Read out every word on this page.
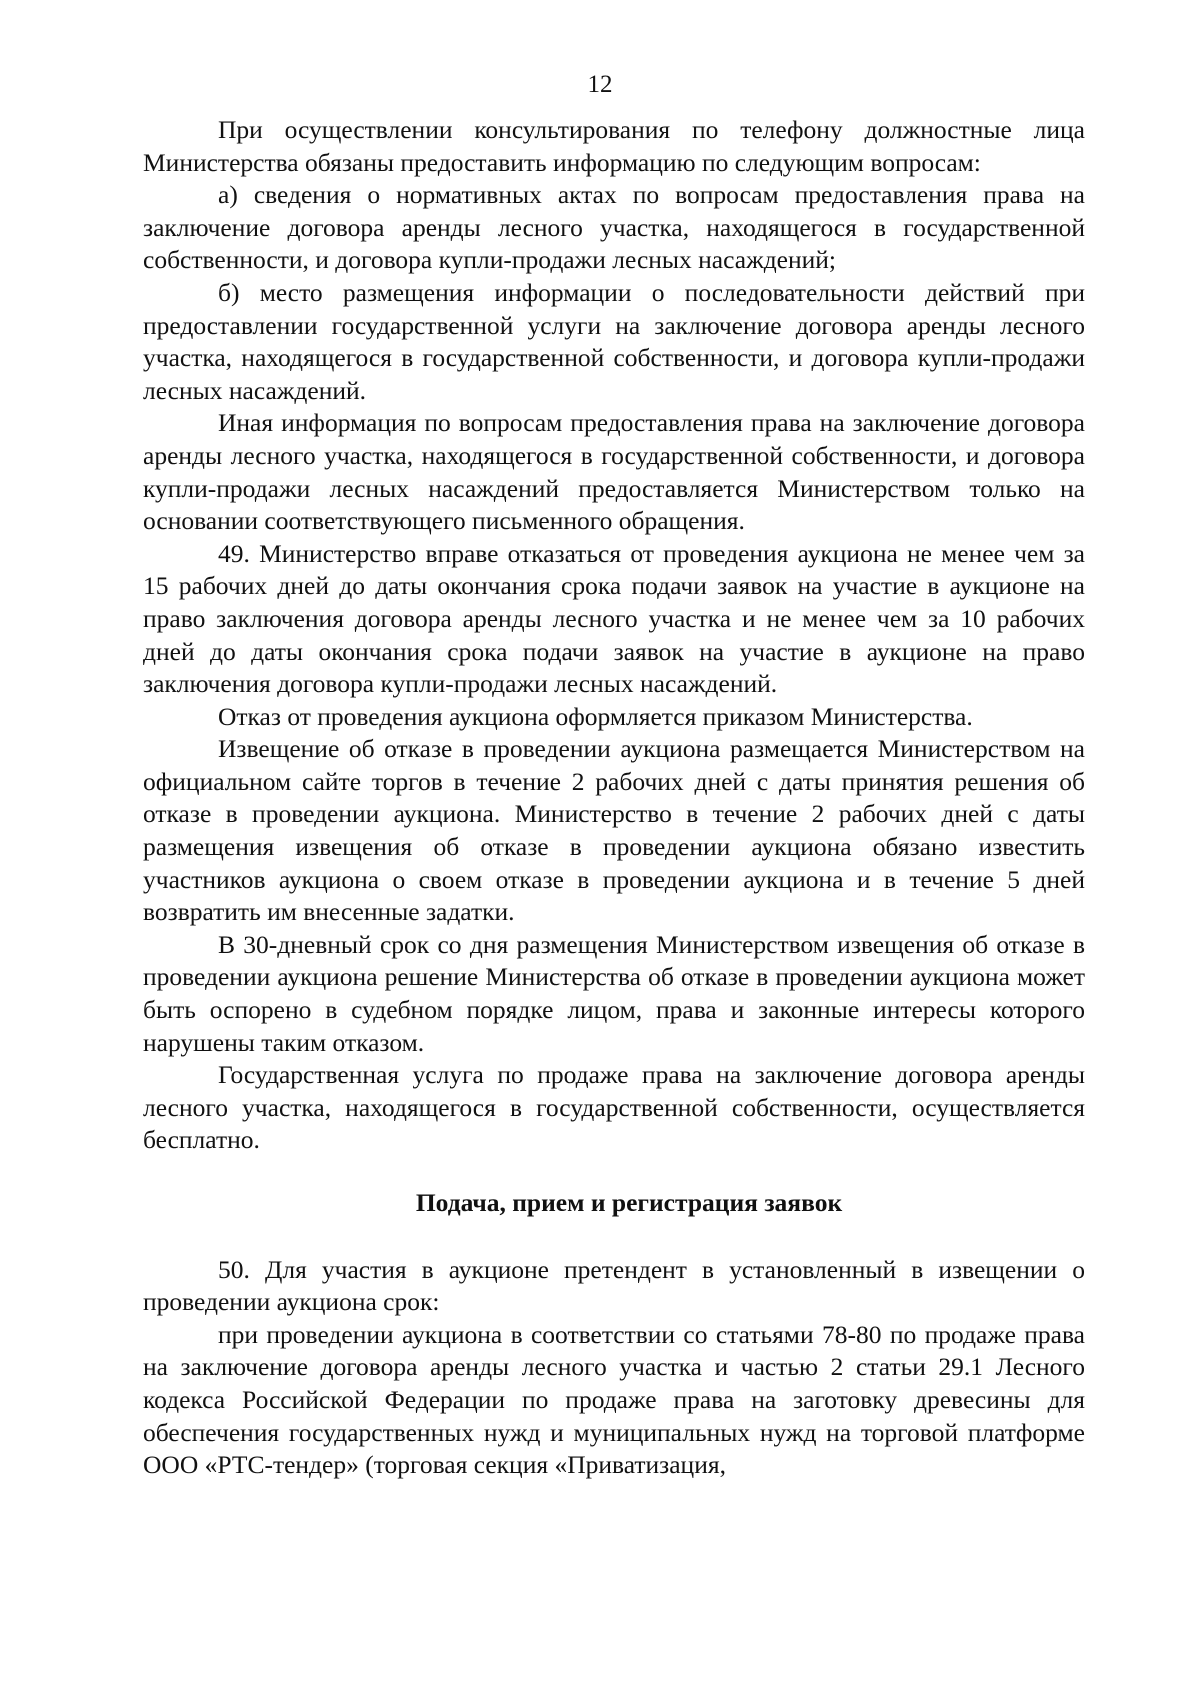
12

При осуществлении консультирования по телефону должностные лица Министерства обязаны предоставить информацию по следующим вопросам:

а) сведения о нормативных актах по вопросам предоставления права на заключение договора аренды лесного участка, находящегося в государственной собственности, и договора купли-продажи лесных насаждений;

б) место размещения информации о последовательности действий при предоставлении государственной услуги на заключение договора аренды лесного участка, находящегося в государственной собственности, и договора купли-продажи лесных насаждений.

Иная информация по вопросам предоставления права на заключение договора аренды лесного участка, находящегося в государственной собственности, и договора купли-продажи лесных насаждений предоставляется Министерством только на основании соответствующего письменного обращения.

49. Министерство вправе отказаться от проведения аукциона не менее чем за 15 рабочих дней до даты окончания срока подачи заявок на участие в аукционе на право заключения договора аренды лесного участка и не менее чем за 10 рабочих дней до даты окончания срока подачи заявок на участие в аукционе на право заключения договора купли-продажи лесных насаждений.

Отказ от проведения аукциона оформляется приказом Министерства.

Извещение об отказе в проведении аукциона размещается Министерством на официальном сайте торгов в течение 2 рабочих дней с даты принятия решения об отказе в проведении аукциона. Министерство в течение 2 рабочих дней с даты размещения извещения об отказе в проведении аукциона обязано известить участников аукциона о своем отказе в проведении аукциона и в течение 5 дней возвратить им внесенные задатки.

В 30-дневный срок со дня размещения Министерством извещения об отказе в проведении аукциона решение Министерства об отказе в проведении аукциона может быть оспорено в судебном порядке лицом, права и законные интересы которого нарушены таким отказом.

Государственная услуга по продаже права на заключение договора аренды лесного участка, находящегося в государственной собственности, осуществляется бесплатно.

Подача, прием и регистрация заявок

50. Для участия в аукционе претендент в установленный в извещении о проведении аукциона срок:

при проведении аукциона в соответствии со статьями 78-80 по продаже права на заключение договора аренды лесного участка и частью 2 статьи 29.1 Лесного кодекса Российской Федерации по продаже права на заготовку древесины для обеспечения государственных нужд и муниципальных нужд на торговой платформе ООО «РТС-тендер» (торговая секция «Приватизация,
